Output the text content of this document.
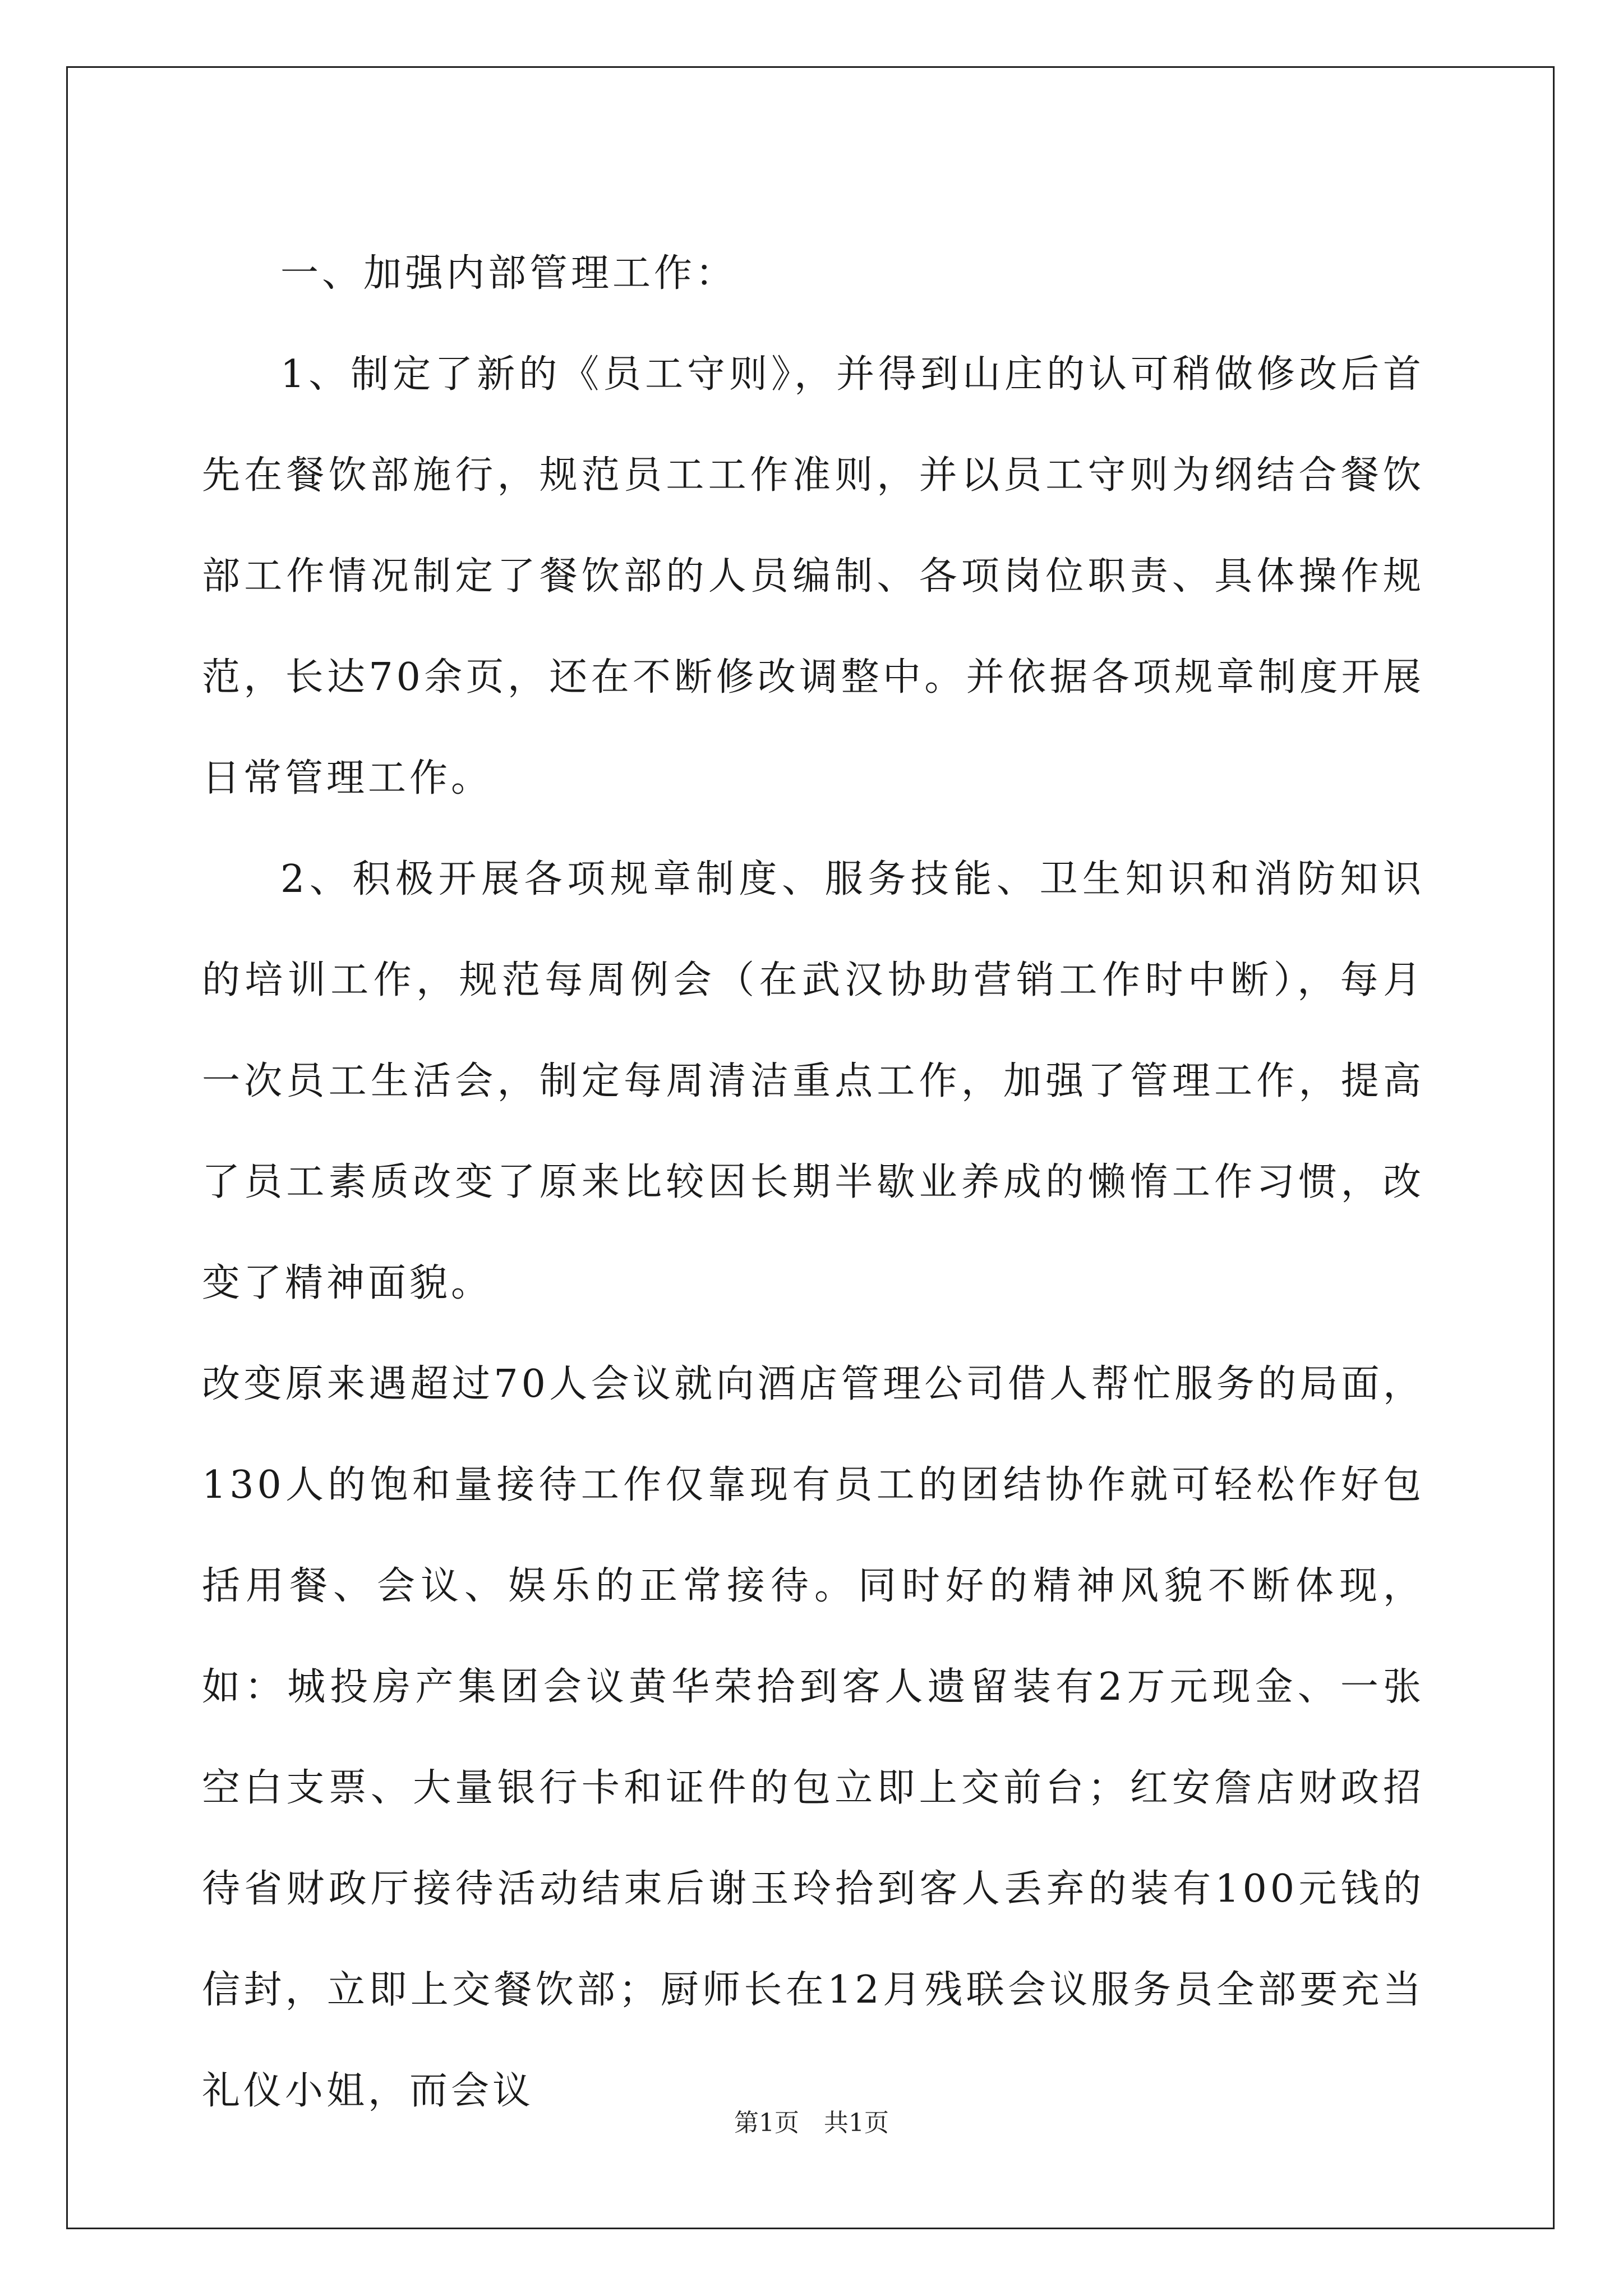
一、加强内部管理工作：

1、制定了新的《员工守则》，并得到山庄的认可稍做修改后首先在餐饮部施行，规范员工工作准则，并以员工守则为纲结合餐饮部工作情况制定了餐饮部的人员编制、各项岗位职责、具体操作规范，长达70余页，还在不断修改调整中。并依据各项规章制度开展日常管理工作。

2、积极开展各项规章制度、服务技能、卫生知识和消防知识的培训工作，规范每周例会（在武汉协助营销工作时中断），每月一次员工生活会，制定每周清洁重点工作，加强了管理工作，提高了员工素质改变了原来比较因长期半歇业养成的懒惰工作习惯，改变了精神面貌。

改变原来遇超过70人会议就向酒店管理公司借人帮忙服务的局面，130人的饱和量接待工作仅靠现有员工的团结协作就可轻松作好包括用餐、会议、娱乐的正常接待。同时好的精神风貌不断体现，如：城投房产集团会议黄华荣拾到客人遗留装有2万元现金、一张空白支票、大量银行卡和证件的包立即上交前台；红安詹店财政招待省财政厅接待活动结束后谢玉玲拾到客人丢弃的装有100元钱的信封，立即上交餐饮部；厨师长在12月残联会议服务员全部要充当礼仪小姐，而会议

第1页　共1页
